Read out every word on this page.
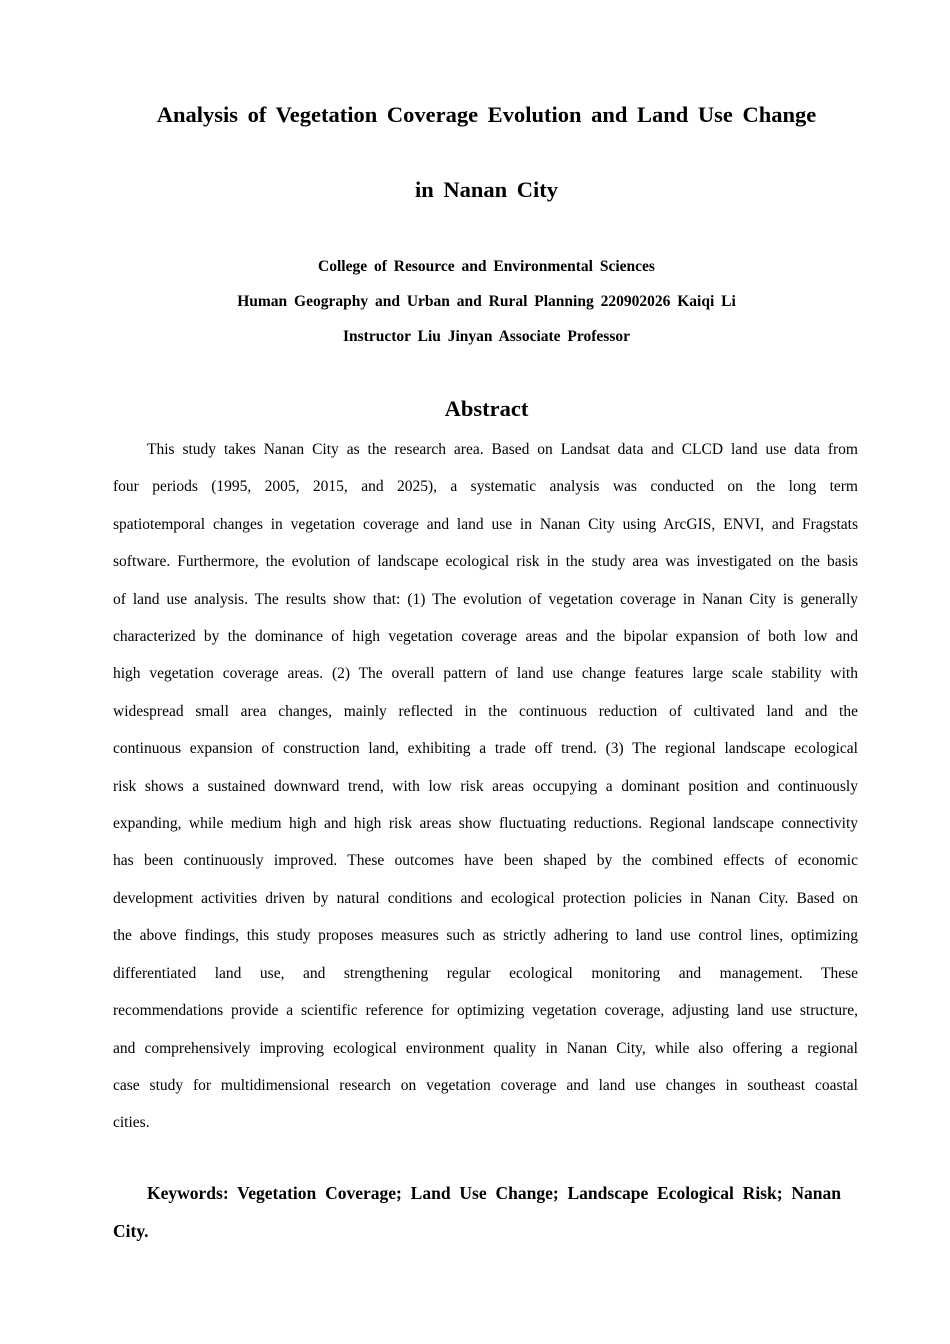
Analysis of Vegetation Coverage Evolution and Land Use Change
in Nanan City
College of Resource and Environmental Sciences
Human Geography and Urban and Rural Planning 220902026 Kaiqi Li
Instructor Liu Jinyan Associate Professor
Abstract

This study takes Nanan City as the research area. Based on Landsat data and CLCD land use data from four periods (1995, 2005, 2015, and 2025), a systematic analysis was conducted on the long term spatiotemporal changes in vegetation coverage and land use in Nanan City using ArcGIS, ENVI, and Fragstats software. Furthermore, the evolution of landscape ecological risk in the study area was investigated on the basis of land use analysis. The results show that: (1) The evolution of vegetation coverage in Nanan City is generally characterized by the dominance of high vegetation coverage areas and the bipolar expansion of both low and high vegetation coverage areas. (2) The overall pattern of land use change features large scale stability with widespread small area changes, mainly reflected in the continuous reduction of cultivated land and the continuous expansion of construction land, exhibiting a trade off trend. (3) The regional landscape ecological risk shows a sustained downward trend, with low risk areas occupying a dominant position and continuously expanding, while medium high and high risk areas show fluctuating reductions. Regional landscape connectivity has been continuously improved. These outcomes have been shaped by the combined effects of economic development activities driven by natural conditions and ecological protection policies in Nanan City. Based on the above findings, this study proposes measures such as strictly adhering to land use control lines, optimizing differentiated land use, and strengthening regular ecological monitoring and management. These recommendations provide a scientific reference for optimizing vegetation coverage, adjusting land use structure, and comprehensively improving ecological environment quality in Nanan City, while also offering a regional case study for multidimensional research on vegetation coverage and land use changes in southeast coastal cities.

Keywords: Vegetation Coverage; Land Use Change; Landscape Ecological Risk; Nanan City.
